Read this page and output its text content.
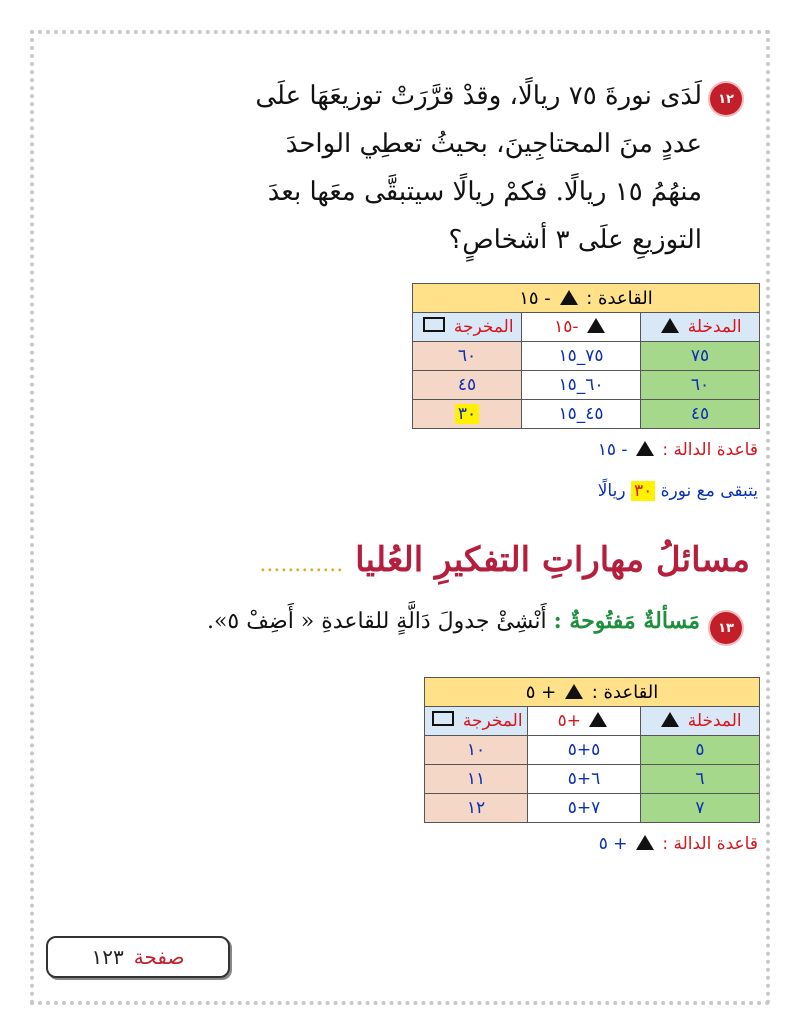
١٢
لَدَى نورةَ ٧٥ ريالًا، وقدْ قرَّرَتْ توزيعَهَا علَى
عددٍ منَ المحتاجِينَ، بحيثُ تعطِي الواحدَ
منهُمُ ١٥ ريالًا. فكمْ ريالًا سيتبقَّى معَها بعدَ
التوزيعِ علَى ٣ أشخاصٍ؟
القاعدة :  - ١٥		
المدخلة	-١٥	المخرجة
٧٥	٧٥_١٥	٦٠
٦٠	٦٠_١٥	٤٥
٤٥	٤٥_١٥	٣٠
قاعدة الدالة :  - ١٥
يتبقى مع نورة ٣٠ ريالًا
مسائلُ مهاراتِ التفكيرِ العُليا ............
١٣
مَسألةٌ مَفتُوحةٌ : أَنْشِئْ جدولَ دَالَّةٍ للقاعدةِ « أَضِفْ ٥».
القاعدة :  + ٥		
المدخلة	+٥	المخرجة
٥	٥+٥	١٠
٦	٦+٥	١١
٧	٧+٥	١٢
قاعدة الدالة :  + ٥
صفحة
١٢٣
